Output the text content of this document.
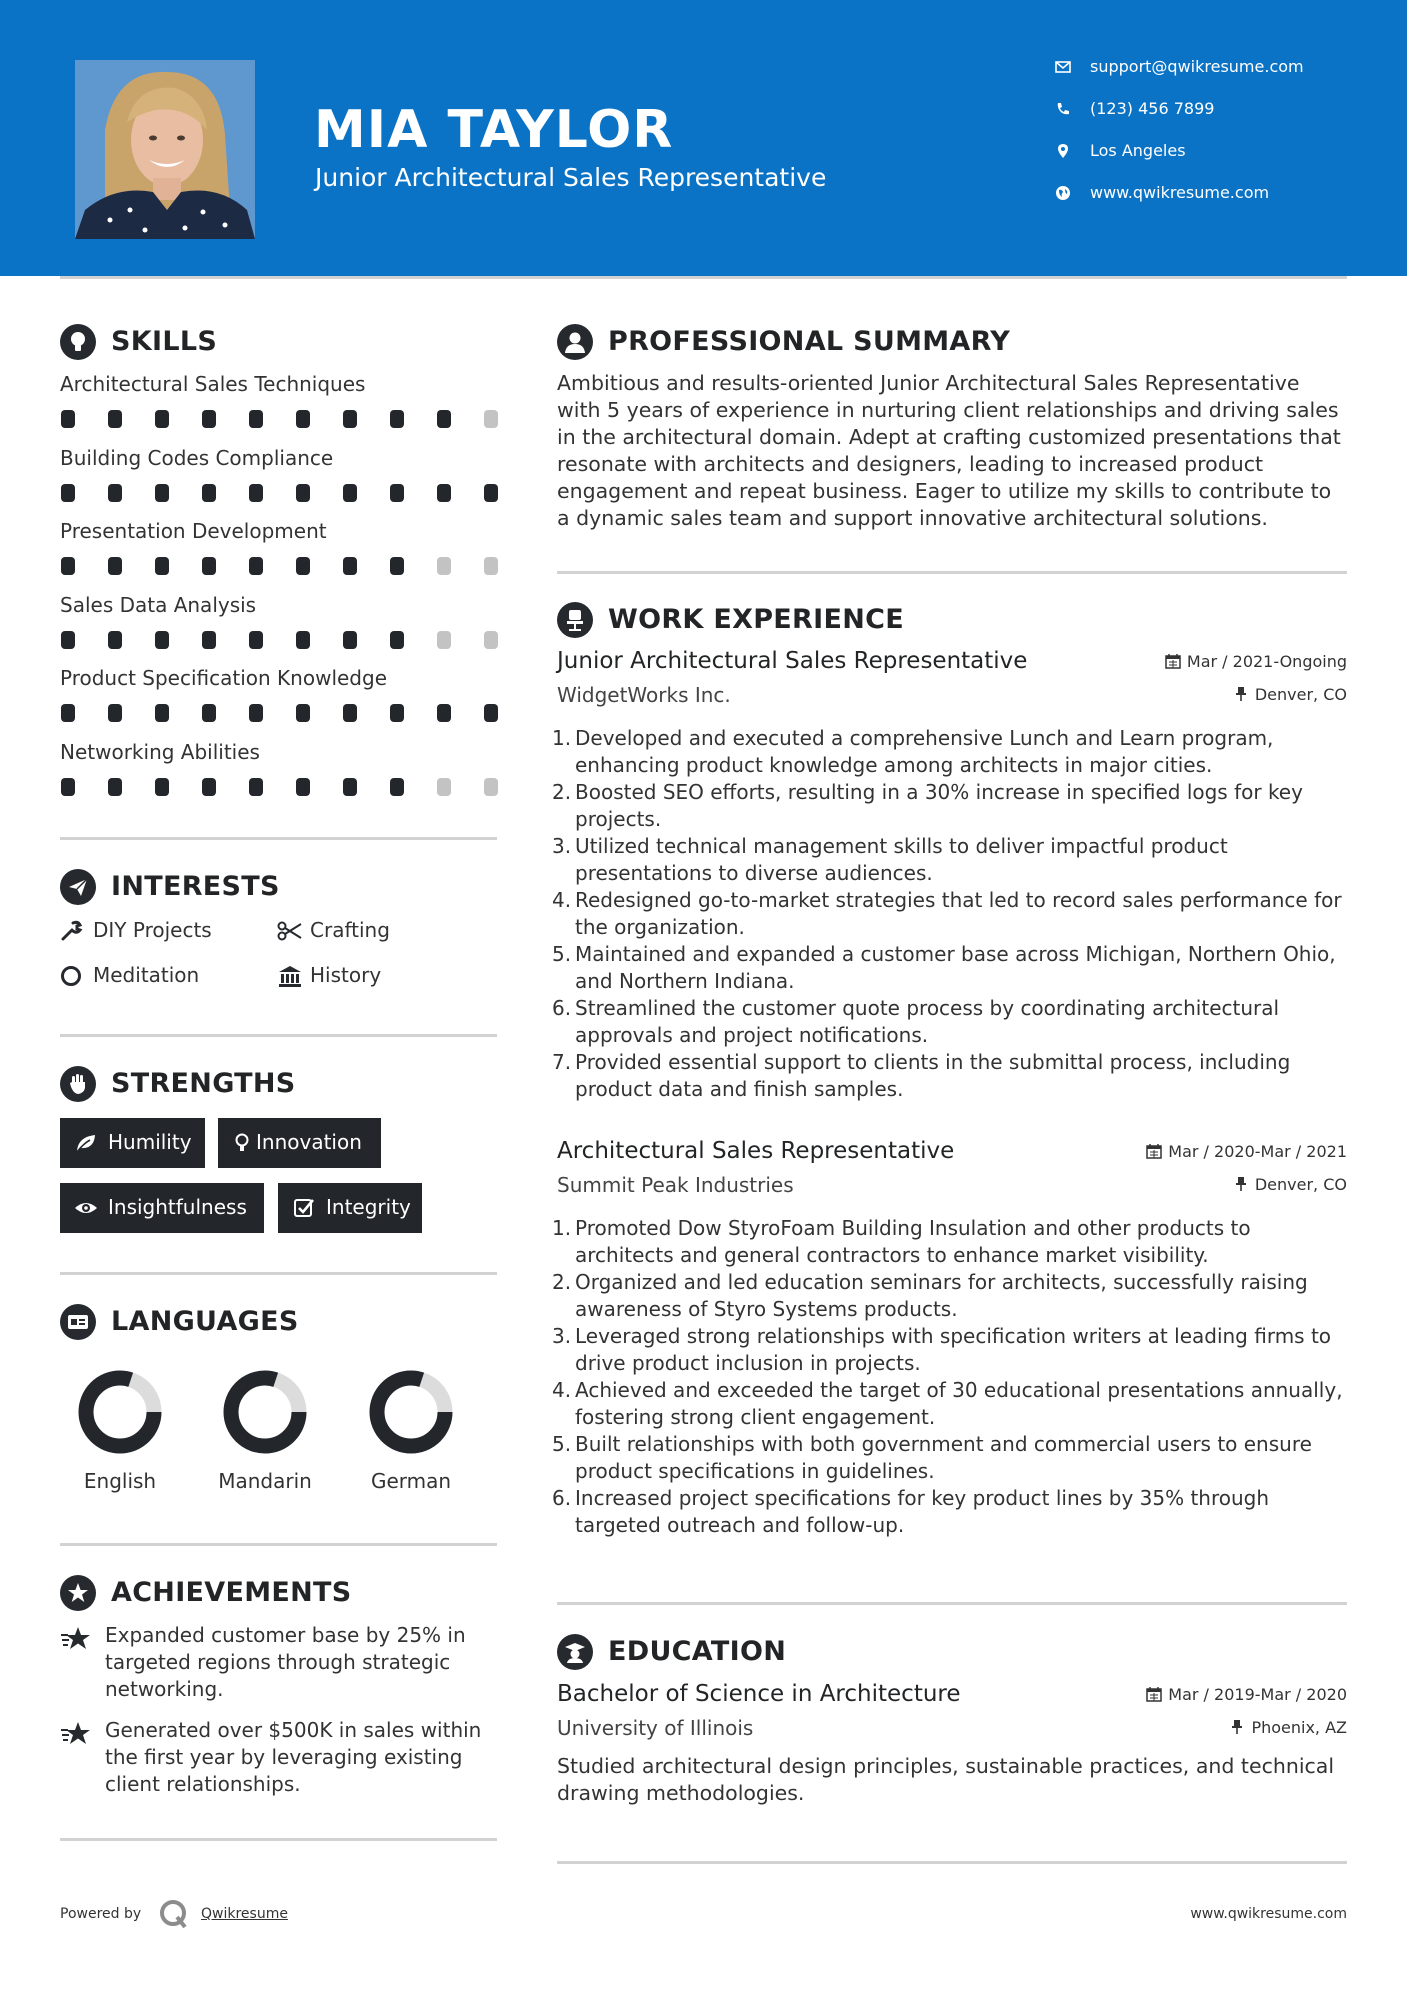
MIA TAYLOR
Junior Architectural Sales Representative
support@qwikresume.com
(123) 456 7899
Los Angeles
www.qwikresume.com
SKILLS
Architectural Sales Techniques
Building Codes Compliance
Presentation Development
Sales Data Analysis
Product Specification Knowledge
Networking Abilities
INTERESTS
DIY Projects	Crafting
Meditation	History
STRENGTHS
Humility	Innovation
Insightfulness	Integrity
LANGUAGES
English	Mandarin	German
ACHIEVEMENTS

Expanded customer base by 25% in targeted regions through strategic networking.

Generated over $500K in sales within the first year by leveraging existing client relationships.

PROFESSIONAL SUMMARY

Ambitious and results-oriented Junior Architectural Sales Representative with 5 years of experience in nurturing client relationships and driving sales in the architectural domain. Adept at crafting customized presentations that resonate with architects and designers, leading to increased product engagement and repeat business. Eager to utilize my skills to contribute to a dynamic sales team and support innovative architectural solutions.

WORK EXPERIENCE
Junior Architectural Sales Representative	Mar / 2021-Ongoing
WidgetWorks Inc.	Denver, CO
1. Developed and executed a comprehensive Lunch and Learn program, enhancing product knowledge among architects in major cities.
2. Boosted SEO efforts, resulting in a 30% increase in specified logs for key projects.
3. Utilized technical management skills to deliver impactful product presentations to diverse audiences.
4. Redesigned go-to-market strategies that led to record sales performance for the organization.
5. Maintained and expanded a customer base across Michigan, Northern Ohio, and Northern Indiana.
6. Streamlined the customer quote process by coordinating architectural approvals and project notifications.
7. Provided essential support to clients in the submittal process, including product data and finish samples.
Architectural Sales Representative	Mar / 2020-Mar / 2021
Summit Peak Industries	Denver, CO
1. Promoted Dow StyroFoam Building Insulation and other products to architects and general contractors to enhance market visibility.
2. Organized and led education seminars for architects, successfully raising awareness of Styro Systems products.
3. Leveraged strong relationships with specification writers at leading firms to drive product inclusion in projects.
4. Achieved and exceeded the target of 30 educational presentations annually, fostering strong client engagement.
5. Built relationships with both government and commercial users to ensure product specifications in guidelines.
6. Increased project specifications for key product lines by 35% through targeted outreach and follow-up.
EDUCATION
Bachelor of Science in Architecture	Mar / 2019-Mar / 2020
University of Illinois	Phoenix, AZ

Studied architectural design principles, sustainable practices, and technical drawing methodologies.

Powered by	Qwikresume	www.qwikresume.com
